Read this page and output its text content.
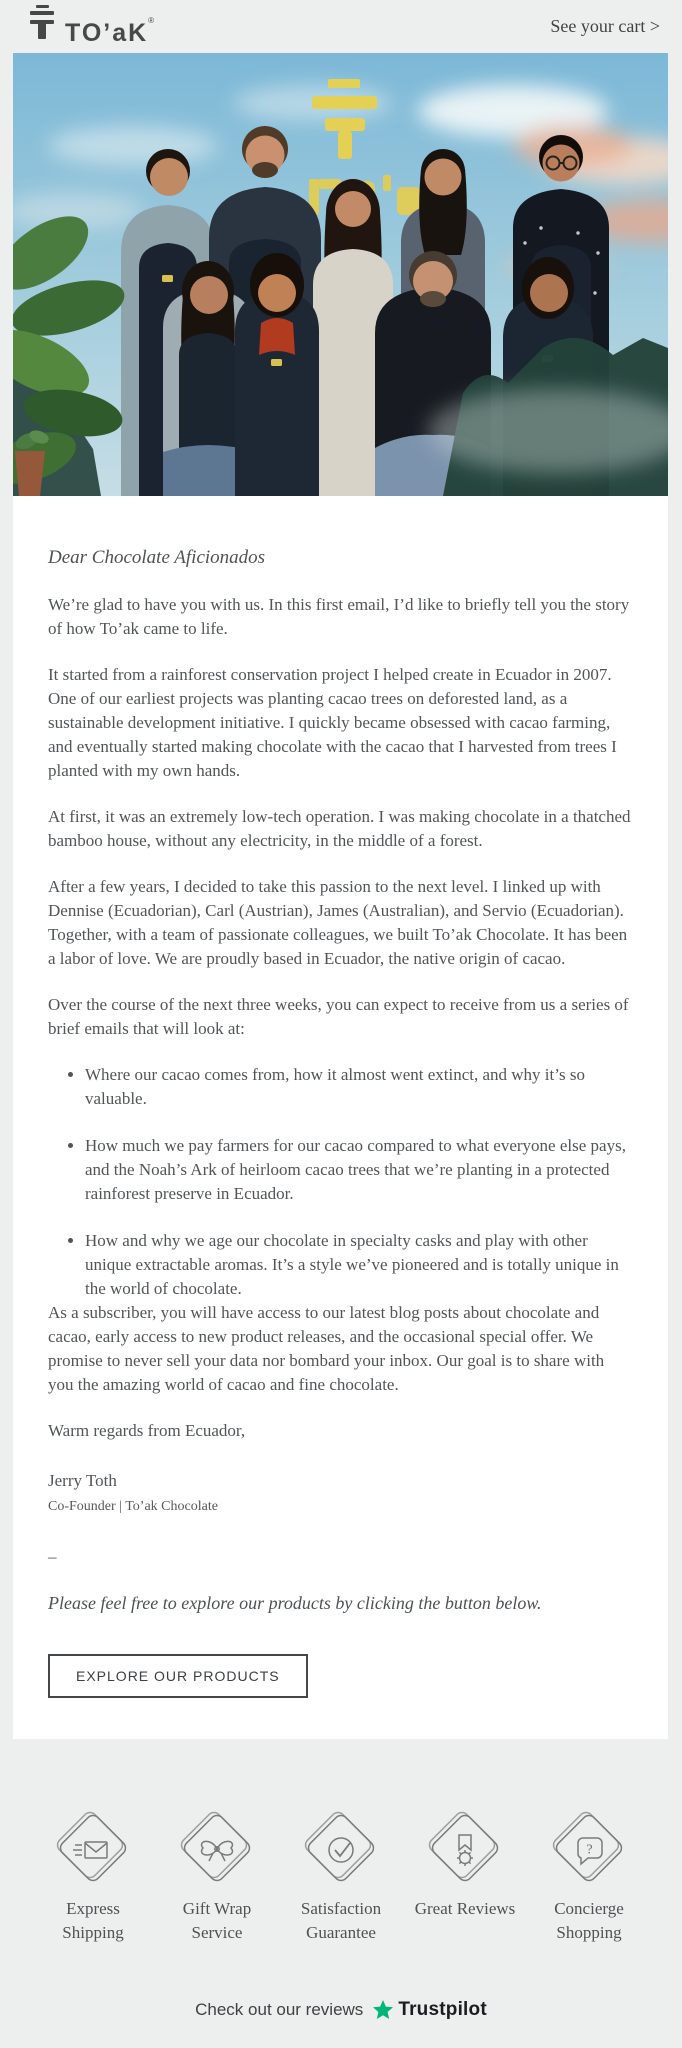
TO’aK®	See your cart >

Dear Chocolate Aficionados

We’re glad to have you with us. In this first email, I’d like to briefly tell you the story of how To’ak came to life.

It started from a rainforest conservation project I helped create in Ecuador in 2007. One of our earliest projects was planting cacao trees on deforested land, as a sustainable development initiative. I quickly became obsessed with cacao farming, and eventually started making chocolate with the cacao that I harvested from trees I planted with my own hands.

At first, it was an extremely low-tech operation. I was making chocolate in a thatched bamboo house, without any electricity, in the middle of a forest.

After a few years, I decided to take this passion to the next level. I linked up with Dennise (Ecuadorian), Carl (Austrian), James (Australian), and Servio (Ecuadorian). Together, with a team of passionate colleagues, we built To’ak Chocolate. It has been a labor of love. We are proudly based in Ecuador, the native origin of cacao.

Over the course of the next three weeks, you can expect to receive from us a series of brief emails that will look at:

• Where our cacao comes from, how it almost went extinct, and why it’s so valuable.
• How much we pay farmers for our cacao compared to what everyone else pays, and the Noah’s Ark of heirloom cacao trees that we’re planting in a protected rainforest preserve in Ecuador.
• How and why we age our chocolate in specialty casks and play with other unique extractable aromas. It’s a style we’ve pioneered and is totally unique in the world of chocolate.

As a subscriber, you will have access to our latest blog posts about chocolate and cacao, early access to new product releases, and the occasional special offer. We promise to never sell your data nor bombard your inbox. Our goal is to share with you the amazing world of cacao and fine chocolate.

Warm regards from Ecuador,

Jerry Toth

Co-Founder | To’ak Chocolate

–

Please feel free to explore our products by clicking the button below.

EXPLORE OUR PRODUCTS
Express Shipping
Gift Wrap Service
Satisfaction Guarantee
Great Reviews
?
Concierge Shopping
Check out our reviews Trustpilot
